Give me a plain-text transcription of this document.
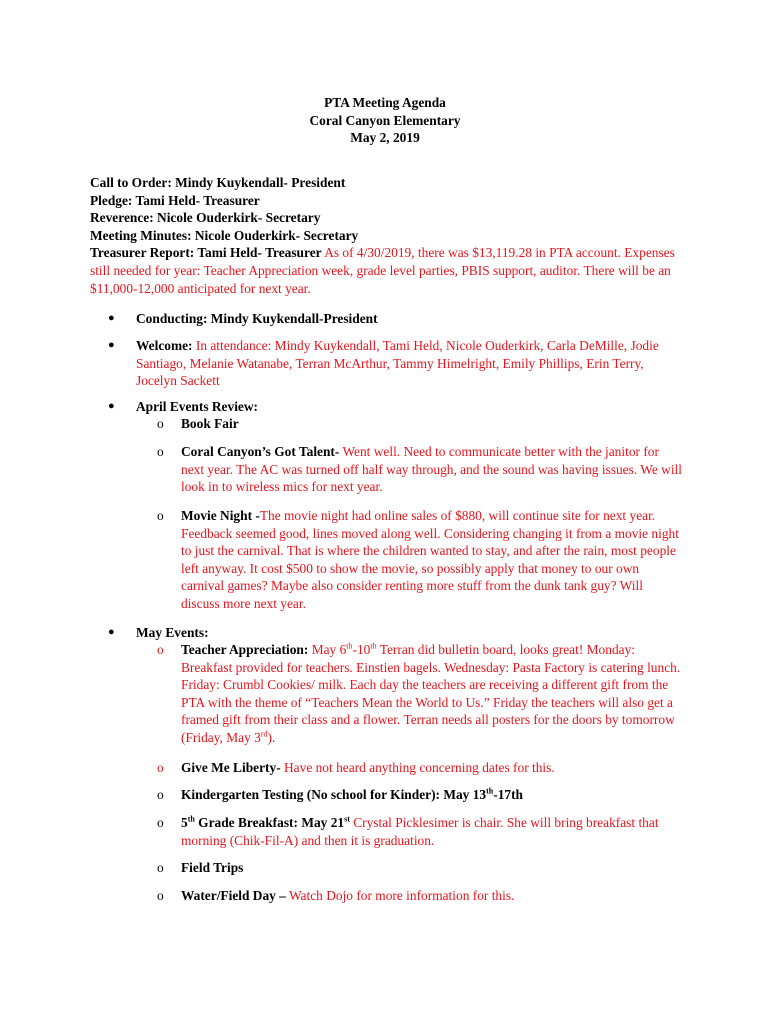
PTA Meeting Agenda
Coral Canyon Elementary
May 2, 2019
Call to Order: Mindy Kuykendall- President
Pledge: Tami Held- Treasurer
Reverence: Nicole Ouderkirk- Secretary
Meeting Minutes: Nicole Ouderkirk- Secretary
Treasurer Report: Tami Held- Treasurer As of 4/30/2019, there was $13,119.28 in PTA account. Expenses still needed for year: Teacher Appreciation week, grade level parties, PBIS support, auditor. There will be an $11,000-12,000 anticipated for next year.
●	Conducting: Mindy Kuykendall-President
●	Welcome: In attendance: Mindy Kuykendall, Tami Held, Nicole Ouderkirk, Carla DeMille, Jodie Santiago, Melanie Watanabe, Terran McArthur, Tammy Himelright, Emily Phillips, Erin Terry, Jocelyn Sackett
●	April Events Review:
o Book Fair
o Coral Canyon’s Got Talent- Went well. Need to communicate better with the janitor for next year. The AC was turned off half way through, and the sound was having issues. We will look in to wireless mics for next year.
o Movie Night -The movie night had online sales of $880, will continue site for next year. Feedback seemed good, lines moved along well. Considering changing it from a movie night to just the carnival. That is where the children wanted to stay, and after the rain, most people left anyway. It cost $500 to show the movie, so possibly apply that money to our own carnival games? Maybe also consider renting more stuff from the dunk tank guy? Will discuss more next year.
●	May Events:
o Teacher Appreciation: May 6th-10th Terran did bulletin board, looks great! Monday: Breakfast provided for teachers. Einstien bagels. Wednesday: Pasta Factory is catering lunch. Friday: Crumbl Cookies/ milk. Each day the teachers are receiving a different gift from the PTA with the theme of “Teachers Mean the World to Us.” Friday the teachers will also get a framed gift from their class and a flower. Terran needs all posters for the doors by tomorrow (Friday, May 3rd).
o Give Me Liberty- Have not heard anything concerning dates for this.
o Kindergarten Testing (No school for Kinder): May 13th-17th
o 5th Grade Breakfast: May 21st Crystal Picklesimer is chair. She will bring breakfast that morning (Chik-Fil-A) and then it is graduation.
o Field Trips
o Water/Field Day – Watch Dojo for more information for this.
